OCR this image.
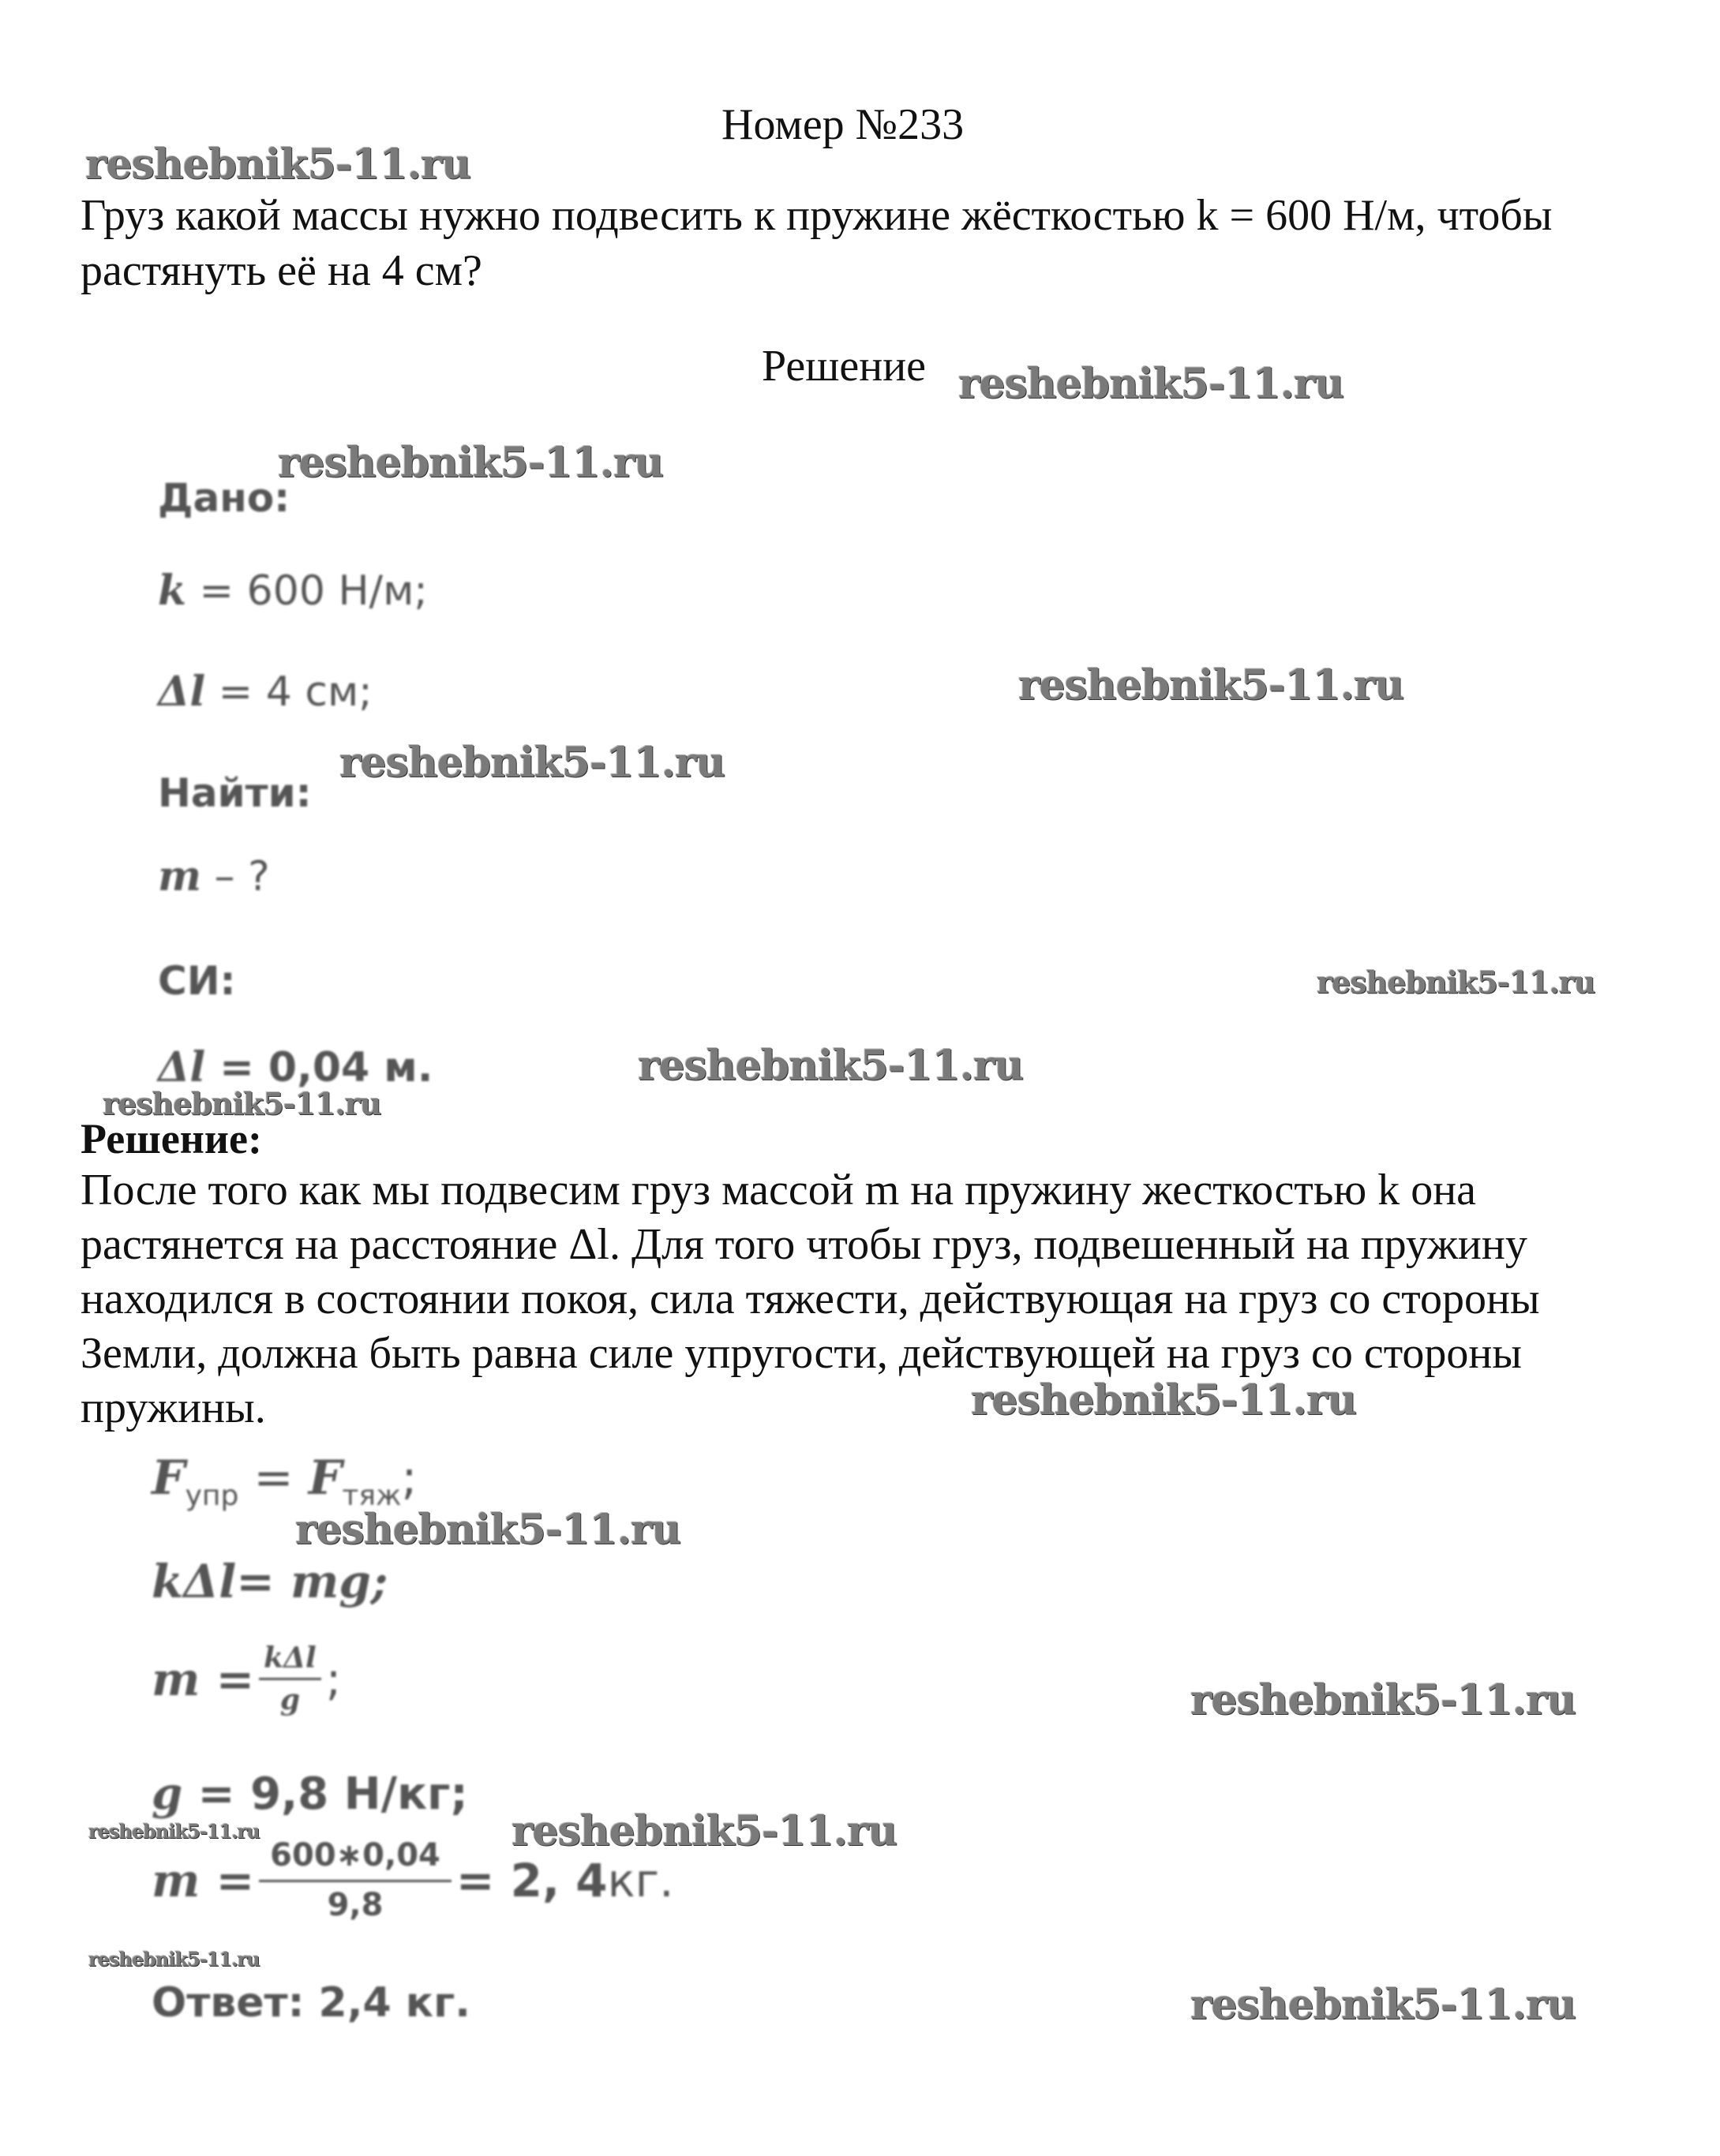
Номер №233
Груз какой массы нужно подвесить к пружине жёсткостью k = 600 Н/м, чтобы растянуть её на 4 см?
Решение
Дано:
k = 600 Н/м;
Δl = 4 см;
Найти:
m – ?
СИ:
Δl = 0,04 м.
Решение:
После того как мы подвесим груз массой m на пружину жесткостью k она растянется на расстояние Δl. Для того чтобы груз, подвешенный на пружину находился в состоянии покоя, сила тяжести, действующая на груз со стороны Земли, должна быть равна силе упругости, действующей на груз со стороны пружины.
$F_{упр} = F_{тяж}$;
kΔl= mg;
$m = \frac{\text{kΔl}}{g}$ ;
g = 9,8 Н/кг;
$m = \frac{600∗0,04}{9,8} = 2$, 4 кг.
Ответ: 2,4 кг.
reshebnik5-11.ru
reshebnik5-11.ru
reshebnik5-11.ru
reshebnik5-11.ru
reshebnik5-11.ru
reshebnik5-11.ru
reshebnik5-11.ru
reshebnik5-11.ru
reshebnik5-11.ru
reshebnik5-11.ru
reshebnik5-11.ru
reshebnik5-11.ru
reshebnik5-11.ru
reshebnik5-11.ru
reshebnik5-11.ru
